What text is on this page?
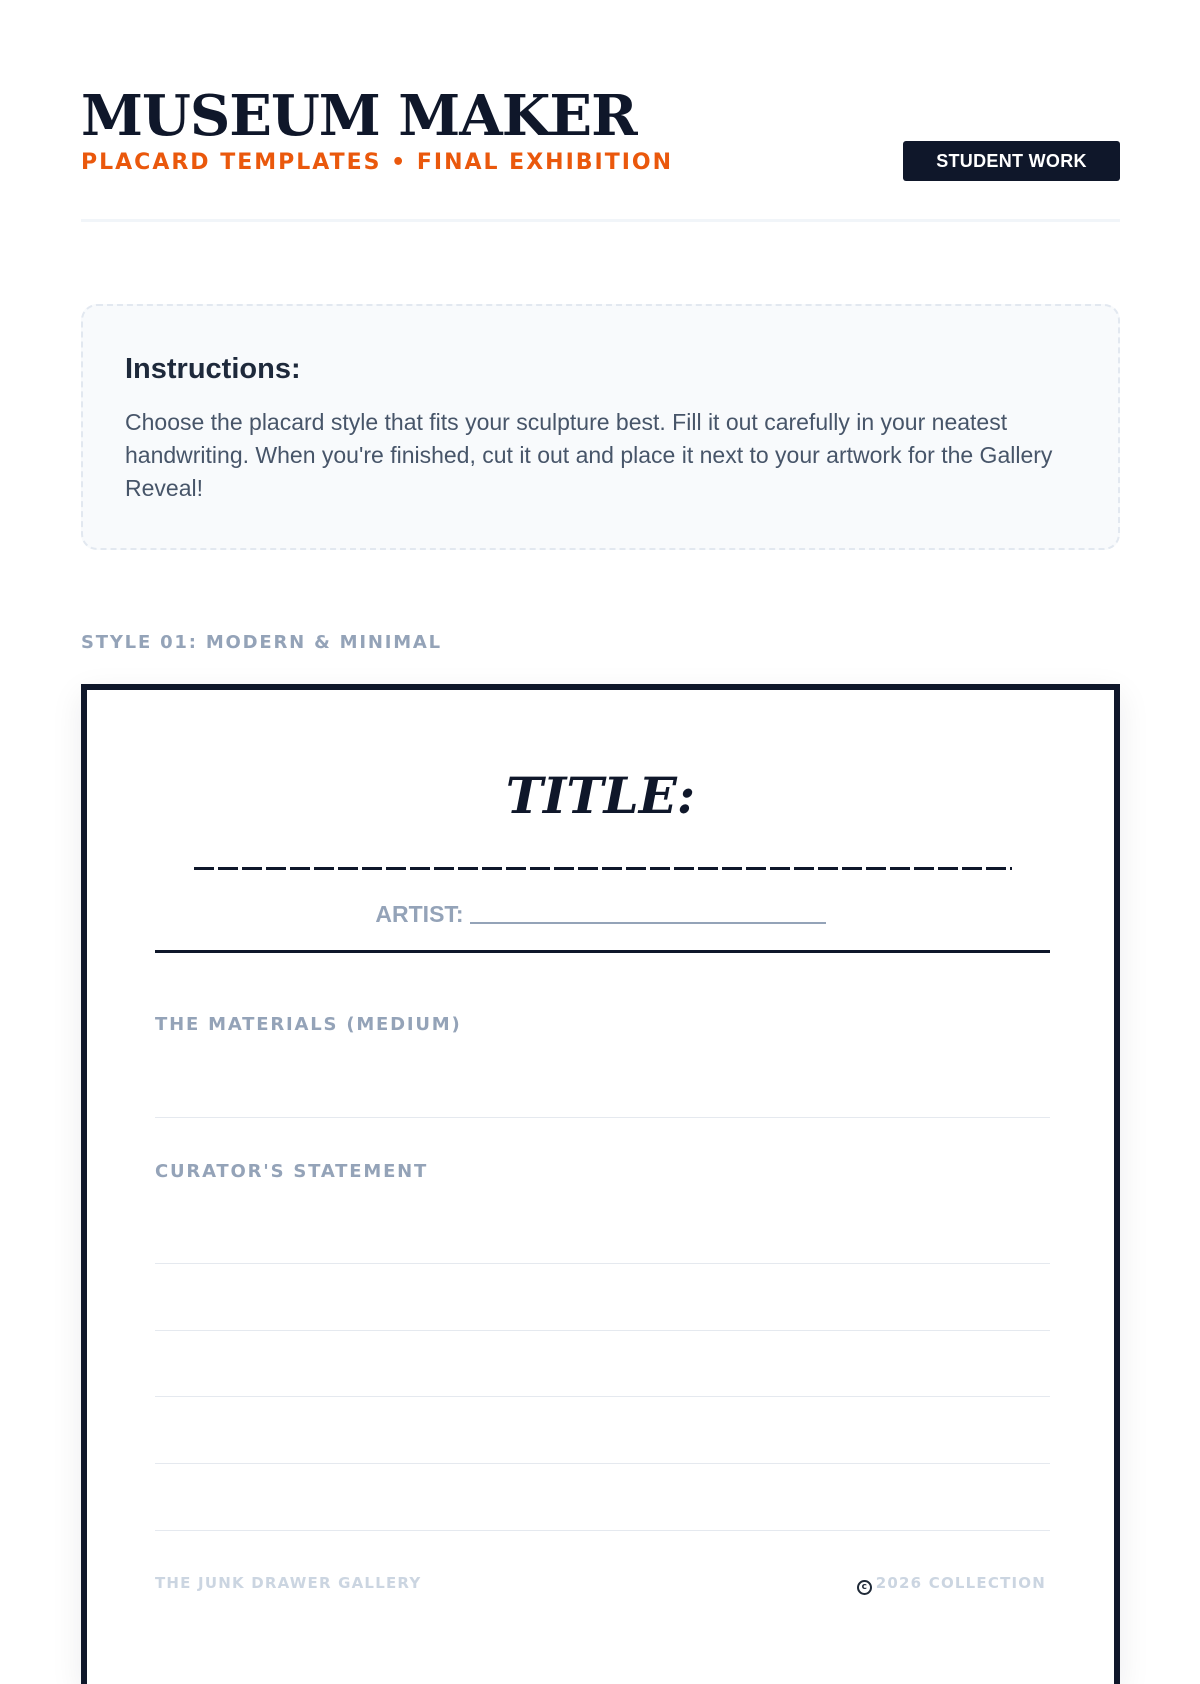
MUSEUM MAKER
PLACARD TEMPLATES • FINAL EXHIBITION	STUDENT WORK
Instructions:

Choose the placard style that fits your sculpture best. Fill it out carefully in your neatest handwriting. When you're finished, cut it out and place it next to your artwork for the Gallery Reveal!

STYLE 01: MODERN & MINIMAL
TITLE:
ARTIST:
THE MATERIALS (MEDIUM)
CURATOR'S STATEMENT
THE JUNK DRAWER GALLERY	c 2026 COLLECTION
